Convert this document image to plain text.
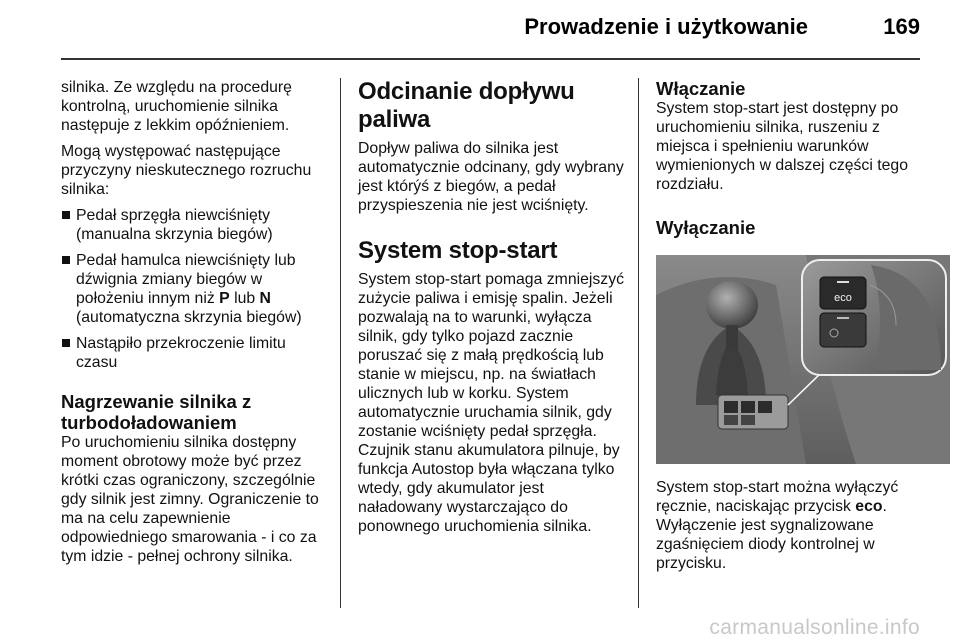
Prowadzenie i użytkowanie	169

silnika. Ze względu na procedurę kontrolną, uruchomienie silnika następuje z lekkim opóźnieniem.

Mogą występować następujące przyczyny nieskutecznego rozruchu silnika:

Pedał sprzęgła niewciśnięty (manualna skrzynia biegów)
Pedał hamulca niewciśnięty lub dźwignia zmiany biegów w położeniu innym niż P lub N (automatyczna skrzynia biegów)
Nastąpiło przekroczenie limitu czasu
Nagrzewanie silnika z turbodoładowaniem

Po uruchomieniu silnika dostępny moment obrotowy może być przez krótki czas ograniczony, szczególnie gdy silnik jest zimny. Ograniczenie to ma na celu zapewnienie odpowiedniego smarowania - i co za tym idzie - pełnej ochrony silnika.

Odcinanie dopływu paliwa

Dopływ paliwa do silnika jest automatycznie odcinany, gdy wybrany jest którýś z biegów, a pedał przyspieszenia nie jest wciśnięty.

System stop-start

System stop-start pomaga zmniejszyć zużycie paliwa i emisję spalin. Jeżeli pozwalają na to warunki, wyłącza silnik, gdy tylko pojazd zacznie poruszać się z małą prędkością lub stanie w miejscu, np. na światłach ulicznych lub w korku. System automatycznie uruchamia silnik, gdy zostanie wciśnięty pedał sprzęgła. Czujnik stanu akumulatora pilnuje, by funkcja Autostop była włączana tylko wtedy, gdy akumulator jest naładowany wystarczająco do ponownego uruchomienia silnika.

Włączanie

System stop-start jest dostępny po uruchomieniu silnika, ruszeniu z miejsca i spełnieniu warunków wymienionych w dalszej części tego rozdziału.

Wyłączanie
eco

System stop-start można wyłączyć ręcznie, naciskając przycisk eco. Wyłączenie jest sygnalizowane zgaśnięciem diody kontrolnej w przycisku.

carmanualsonline.info
